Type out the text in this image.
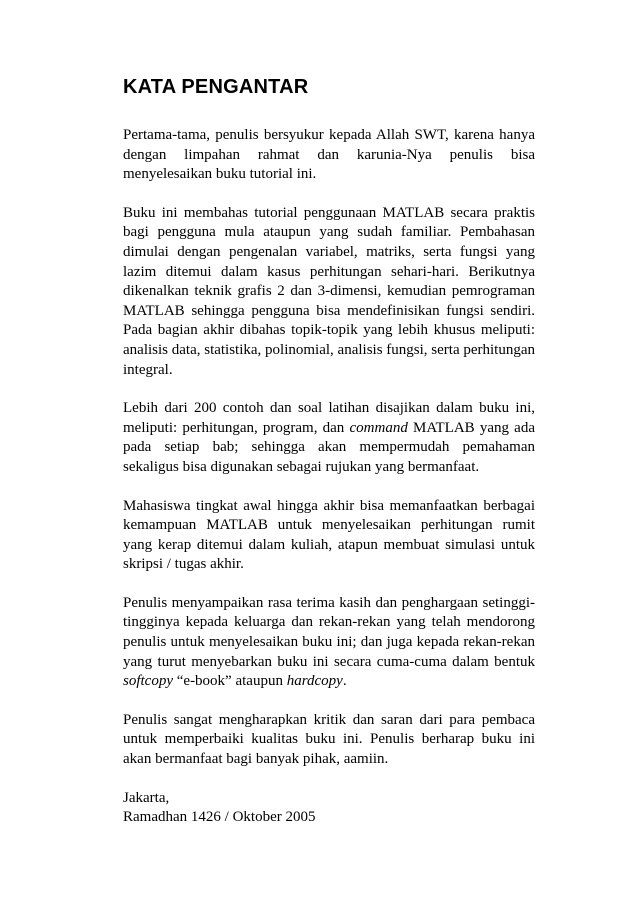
KATA PENGANTAR

Pertama-tama, penulis bersyukur kepada Allah SWT, karena hanya dengan limpahan rahmat dan karunia-Nya penulis bisa menyelesaikan buku tutorial ini.

Buku ini membahas tutorial penggunaan MATLAB secara praktis bagi pengguna mula ataupun yang sudah familiar. Pembahasan dimulai dengan pengenalan variabel, matriks, serta fungsi yang lazim ditemui dalam kasus perhitungan sehari-hari. Berikutnya dikenalkan teknik grafis 2 dan 3-dimensi, kemudian pemrograman MATLAB sehingga pengguna bisa mendefinisikan fungsi sendiri. Pada bagian akhir dibahas topik-topik yang lebih khusus meliputi: analisis data, statistika, polinomial, analisis fungsi, serta perhitungan integral.

Lebih dari 200 contoh dan soal latihan disajikan dalam buku ini, meliputi: perhitungan, program, dan command MATLAB yang ada pada setiap bab; sehingga akan mempermudah pemahaman sekaligus bisa digunakan sebagai rujukan yang bermanfaat.

Mahasiswa tingkat awal hingga akhir bisa memanfaatkan berbagai kemampuan MATLAB untuk menyelesaikan perhitungan rumit yang kerap ditemui dalam kuliah, atapun membuat simulasi untuk skripsi / tugas akhir.

Penulis menyampaikan rasa terima kasih dan penghargaan setinggi-tingginya kepada keluarga dan rekan-rekan yang telah mendorong penulis untuk menyelesaikan buku ini; dan juga kepada rekan-rekan yang turut menyebarkan buku ini secara cuma-cuma dalam bentuk softcopy “e-book” ataupun hardcopy.

Penulis sangat mengharapkan kritik dan saran dari para pembaca untuk memperbaiki kualitas buku ini. Penulis berharap buku ini akan bermanfaat bagi banyak pihak, aamiin.

Jakarta,

Ramadhan 1426 / Oktober 2005
